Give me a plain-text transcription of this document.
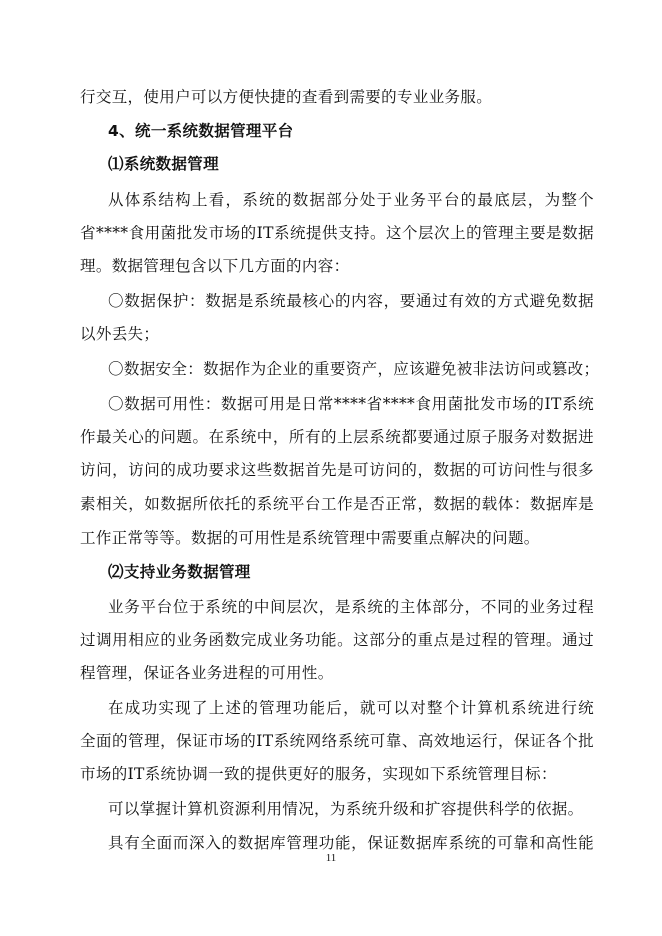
行交互，使用户可以方便快捷的查看到需要的专业业务服。
4、统一系统数据管理平台
⑴系统数据管理
从体系结构上看，系统的数据部分处于业务平台的最底层，为整个
省****食用菌批发市场的IT系统提供支持。这个层次上的管理主要是数据
理。数据管理包含以下几方面的内容：
〇数据保护：数据是系统最核心的内容，要通过有效的方式避免数据
以外丢失；
〇数据安全：数据作为企业的重要资产，应该避免被非法访问或篡改；
〇数据可用性：数据可用是日常****省****食用菌批发市场的IT系统
作最关心的问题。在系统中，所有的上层系统都要通过原子服务对数据进
访问，访问的成功要求这些数据首先是可访问的，数据的可访问性与很多
素相关，如数据所依托的系统平台工作是否正常，数据的载体：数据库是
工作正常等等。数据的可用性是系统管理中需要重点解决的问题。
⑵支持业务数据管理
业务平台位于系统的中间层次，是系统的主体部分，不同的业务过程
过调用相应的业务函数完成业务功能。这部分的重点是过程的管理。通过
程管理，保证各业务进程的可用性。
在成功实现了上述的管理功能后，就可以对整个计算机系统进行统
全面的管理，保证市场的IT系统网络系统可靠、高效地运行，保证各个批
市场的IT系统协调一致的提供更好的服务，实现如下系统管理目标：
可以掌握计算机资源利用情况，为系统升级和扩容提供科学的依据。
具有全面而深入的数据库管理功能，保证数据库系统的可靠和高性能
11
